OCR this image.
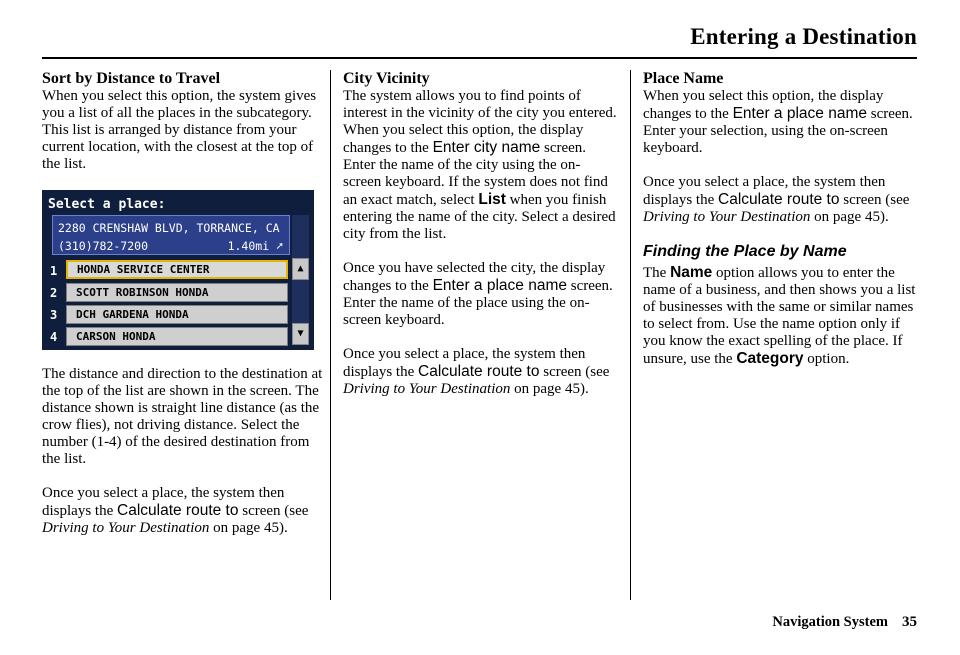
Entering a Destination
Sort by Distance to Travel

When you select this option, the system gives you a list of all the places in the subcategory. This list is arranged by distance from your current location, with the closest at the top of the list.

Select a place:
2280 CRENSHAW BLVD, TORRANCE, CA
(310)782-7200	1.40mi ➚
1	HONDA SERVICE CENTER
2	SCOTT ROBINSON HONDA
3	DCH GARDENA HONDA
4	CARSON HONDA
▲
▼

The distance and direction to the destination at the top of the list are shown in the screen. The distance shown is straight line distance (as the crow flies), not driving distance. Select the number (1-4) of the desired destination from the list.

Once you select a place, the system then displays the Calculate route to screen (see Driving to Your Destination on page 45).

City Vicinity

The system allows you to find points of interest in the vicinity of the city you entered. When you select this option, the display changes to the Enter city name screen. Enter the name of the city using the on-screen keyboard. If the system does not find an exact match, select List when you finish entering the name of the city. Select a desired city from the list.

Once you have selected the city, the display changes to the Enter a place name screen. Enter the name of the place using the on-screen keyboard.

Once you select a place, the system then displays the Calculate route to screen (see Driving to Your Destination on page 45).

Place Name

When you select this option, the display changes to the Enter a place name screen. Enter your selection, using the on-screen keyboard.

Once you select a place, the system then displays the Calculate route to screen (see Driving to Your Destination on page 45).

Finding the Place by Name

The Name option allows you to enter the name of a business, and then shows you a list of businesses with the same or similar names to select from. Use the name option only if you know the exact spelling of the place. If unsure, use the Category option.

Navigation System 35
